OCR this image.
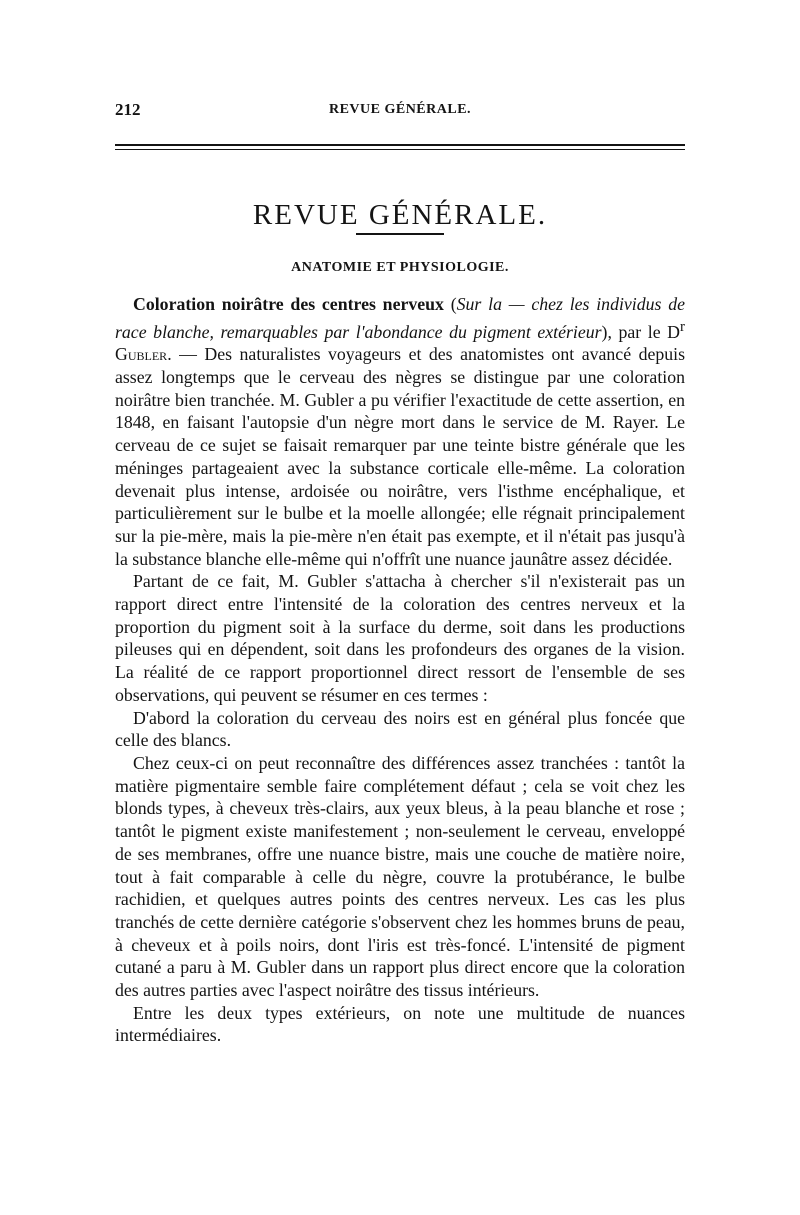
212	REVUE GÉNÉRALE.
REVUE GÉNÉRALE.
ANATOMIE ET PHYSIOLOGIE.

Coloration noirâtre des centres nerveux (Sur la — chez les individus de race blanche, remarquables par l'abondance du pigment extérieur), par le $D^r$ Gubler. — Des naturalistes voyageurs et des anatomistes ont avancé depuis assez longtemps que le cerveau des nègres se distingue par une coloration noirâtre bien tranchée. M. Gubler a pu vérifier l'exactitude de cette assertion, en 1848, en faisant l'autopsie d'un nègre mort dans le service de M. Rayer. Le cerveau de ce sujet se faisait remarquer par une teinte bistre générale que les méninges partageaient avec la substance corticale elle-même. La coloration devenait plus intense, ardoisée ou noirâtre, vers l'isthme encéphalique, et particulièrement sur le bulbe et la moelle allongée; elle régnait principalement sur la pie-mère, mais la pie-mère n'en était pas exempte, et il n'était pas jusqu'à la substance blanche elle-même qui n'offrît une nuance jaunâtre assez décidée.

Partant de ce fait, M. Gubler s'attacha à chercher s'il n'existerait pas un rapport direct entre l'intensité de la coloration des centres nerveux et la proportion du pigment soit à la surface du derme, soit dans les productions pileuses qui en dépendent, soit dans les profondeurs des organes de la vision. La réalité de ce rapport proportionnel direct ressort de l'ensemble de ses observations, qui peuvent se résumer en ces termes :

D'abord la coloration du cerveau des noirs est en général plus foncée que celle des blancs.

Chez ceux-ci on peut reconnaître des différences assez tranchées : tantôt la matière pigmentaire semble faire complétement défaut ; cela se voit chez les blonds types, à cheveux très-clairs, aux yeux bleus, à la peau blanche et rose ; tantôt le pigment existe manifestement ; non-seulement le cerveau, enveloppé de ses membranes, offre une nuance bistre, mais une couche de matière noire, tout à fait comparable à celle du nègre, couvre la protubérance, le bulbe rachidien, et quelques autres points des centres nerveux. Les cas les plus tranchés de cette dernière catégorie s'observent chez les hommes bruns de peau, à cheveux et à poils noirs, dont l'iris est très-foncé. L'intensité de pigment cutané a paru à M. Gubler dans un rapport plus direct encore que la coloration des autres parties avec l'aspect noirâtre des tissus intérieurs.

Entre les deux types extérieurs, on note une multitude de nuances intermédiaires.
